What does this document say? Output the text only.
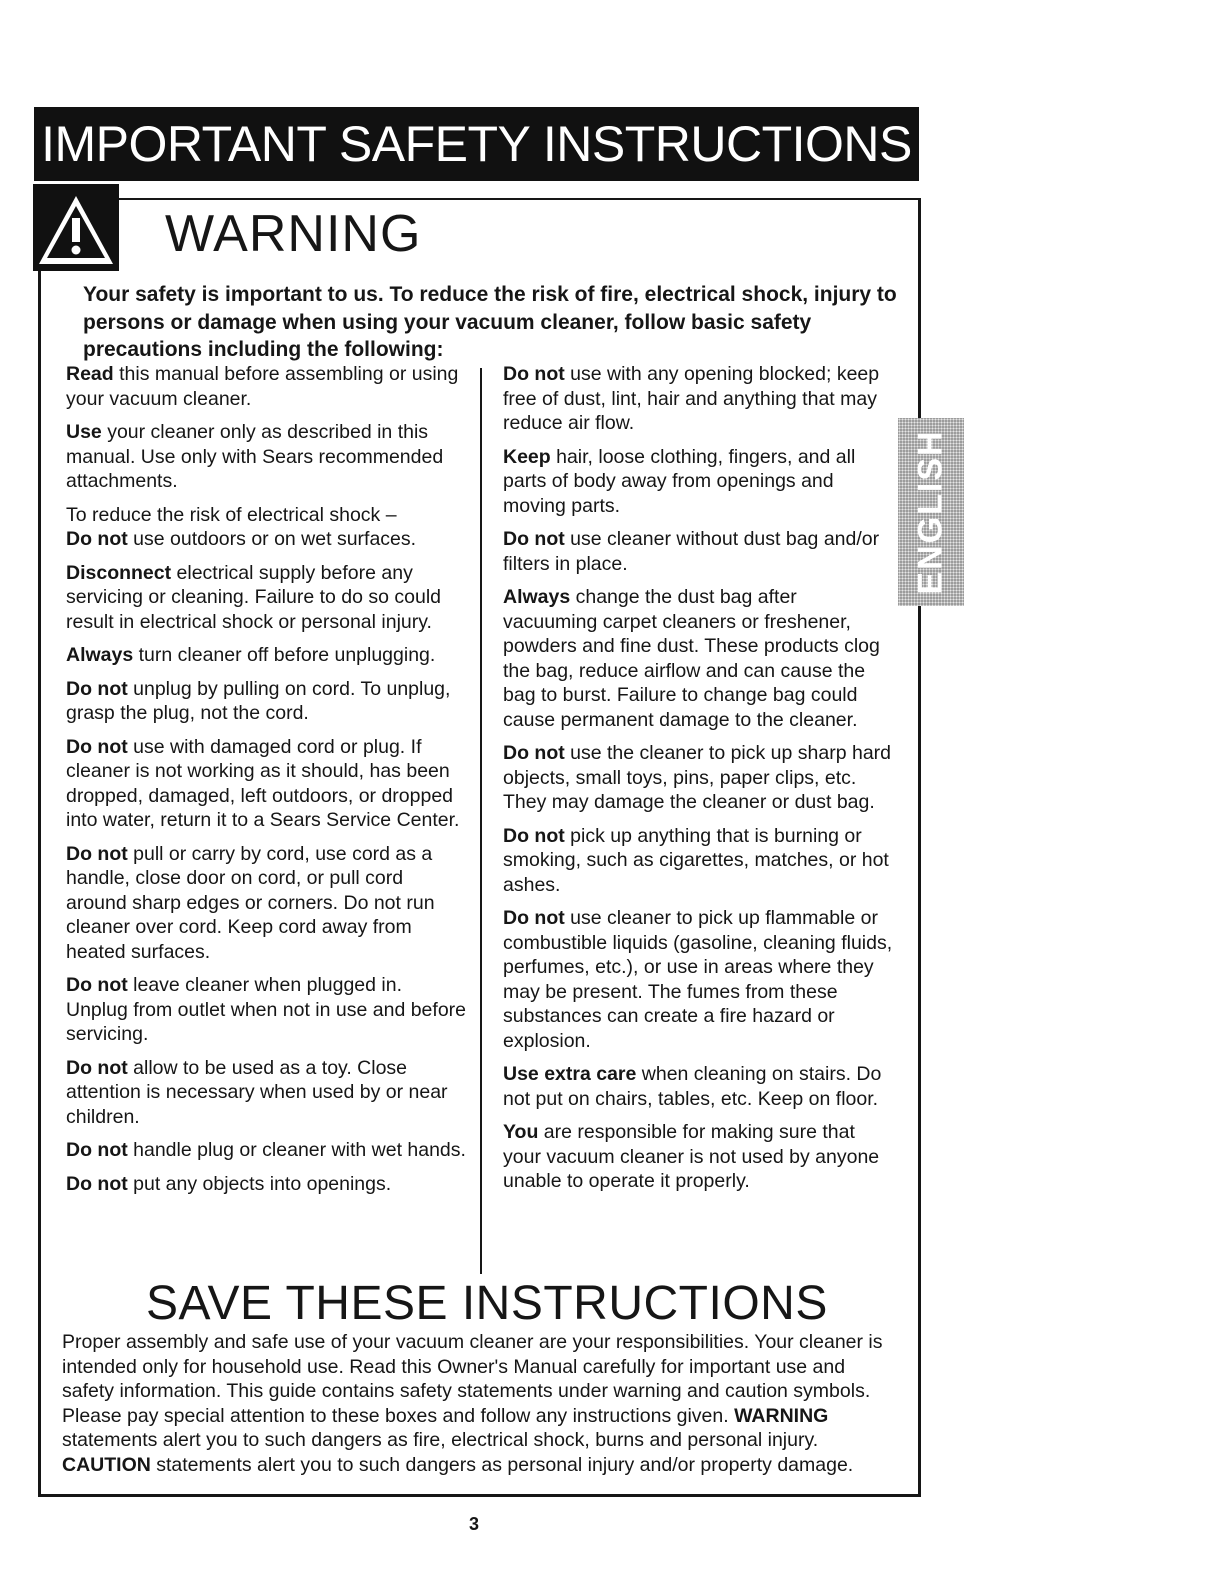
IMPORTANT SAFETY INSTRUCTIONS
WARNING
Your safety is important to us. To reduce the risk of fire, electrical shock, injury to persons or damage when using your vacuum cleaner, follow basic safety precautions including the following:

Read this manual before assembling or using your vacuum cleaner.

Use your cleaner only as described in this manual. Use only with Sears recommended attachments.

To reduce the risk of electrical shock –
Do not use outdoors or on wet surfaces.

Disconnect electrical supply before any servicing or cleaning. Failure to do so could result in electrical shock or personal injury.

Always turn cleaner off before unplugging.

Do not unplug by pulling on cord. To unplug, grasp the plug, not the cord.

Do not use with damaged cord or plug. If cleaner is not working as it should, has been dropped, damaged, left outdoors, or dropped into water, return it to a Sears Service Center.

Do not pull or carry by cord, use cord as a handle, close door on cord, or pull cord around sharp edges or corners. Do not run cleaner over cord. Keep cord away from heated surfaces.

Do not leave cleaner when plugged in. Unplug from outlet when not in use and before servicing.

Do not allow to be used as a toy. Close attention is necessary when used by or near children.

Do not handle plug or cleaner with wet hands.

Do not put any objects into openings.

Do not use with any opening blocked; keep free of dust, lint, hair and anything that may reduce air flow.

Keep hair, loose clothing, fingers, and all parts of body away from openings and moving parts.

Do not use cleaner without dust bag and/or filters in place.

Always change the dust bag after vacuuming carpet cleaners or freshener, powders and fine dust. These products clog the bag, reduce airflow and can cause the bag to burst. Failure to change bag could cause permanent damage to the cleaner.

Do not use the cleaner to pick up sharp hard objects, small toys, pins, paper clips, etc. They may damage the cleaner or dust bag.

Do not pick up anything that is burning or smoking, such as cigarettes, matches, or hot ashes.

Do not use cleaner to pick up flammable or combustible liquids (gasoline, cleaning fluids, perfumes, etc.), or use in areas where they may be present. The fumes from these substances can create a fire hazard or explosion.

Use extra care when cleaning on stairs. Do not put on chairs, tables, etc. Keep on floor.

You are responsible for making sure that your vacuum cleaner is not used by anyone unable to operate it properly.

ENGLISH
SAVE THESE INSTRUCTIONS
Proper assembly and safe use of your vacuum cleaner are your responsibilities. Your cleaner is intended only for household use. Read this Owner's Manual carefully for important use and safety information. This guide contains safety statements under warning and caution symbols. Please pay special attention to these boxes and follow any instructions given. WARNING statements alert you to such dangers as fire, electrical shock, burns and personal injury. CAUTION statements alert you to such dangers as personal injury and/or property damage.
3
